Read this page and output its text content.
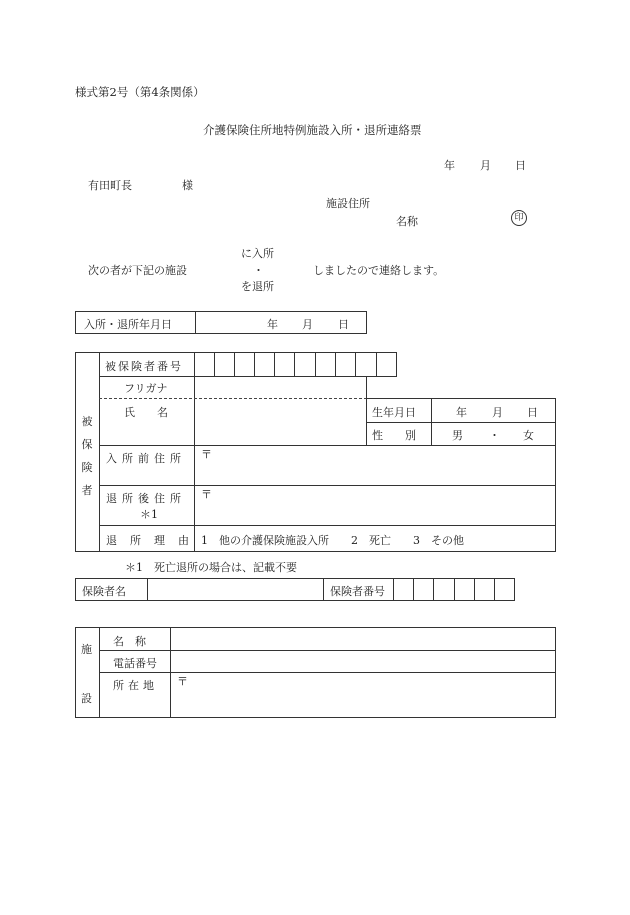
様式第2号（第4条関係）
介護保険住所地特例施設入所・退所連絡票
年 月 日
有田町長	様
施設住所
名称	印
に入所
次の者が下記の施設	・	しましたので連絡します。
を退所
入所・退所年月日	年 月 日
被
保
険
者
被保険者番号
フリガナ
氏　　名	生年月日	年 月 日
性　　別	男 ・ 女
入所前住所 〒
退所後住所
＊1
〒
退所理由 1　他の介護保険施設入所　　2　死亡　　3　その他
＊1　死亡退所の場合は、記載不要
保険者名	保険者番号
施
設
名　称
電話番号
所在地 〒
